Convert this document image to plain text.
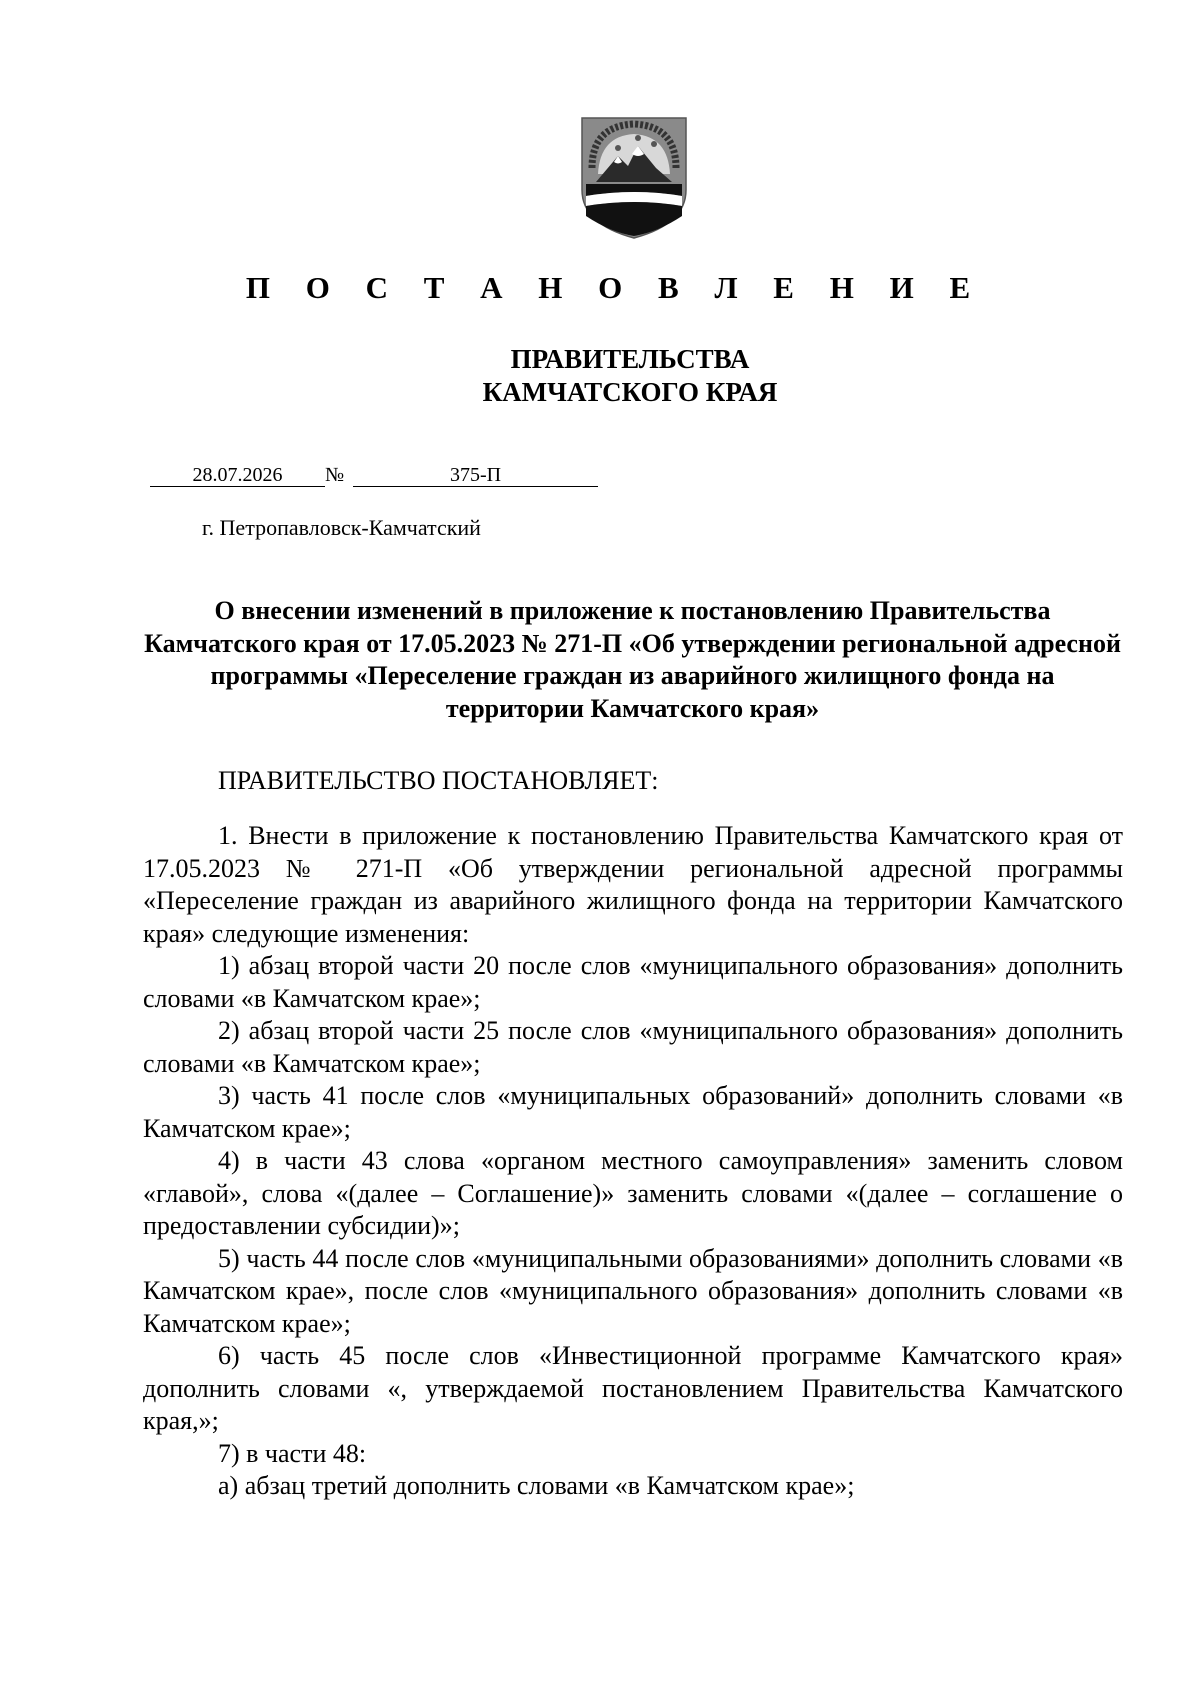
П О С Т А Н О В Л Е Н И Е
ПРАВИТЕЛЬСТВА
КАМЧАТСКОГО КРАЯ
28.07.2026 №	375-П
г. Петропавловск-Камчатский
О внесении изменений в приложение к постановлению Правительства Камчатского края от 17.05.2023 № 271-П «Об утверждении региональной адресной программы «Переселение граждан из аварийного жилищного фонда на территории Камчатского края»
ПРАВИТЕЛЬСТВО ПОСТАНОВЛЯЕТ:

1. Внести в приложение к постановлению Правительства Камчатского края от 17.05.2023 № 271-П «Об утверждении региональной адресной программы «Переселение граждан из аварийного жилищного фонда на территории Камчатского края» следующие изменения:

1) абзац второй части 20 после слов «муниципального образования» дополнить словами «в Камчатском крае»;

2) абзац второй части 25 после слов «муниципального образования» дополнить словами «в Камчатском крае»;

3) часть 41 после слов «муниципальных образований» дополнить словами «в Камчатском крае»;

4) в части 43 слова «органом местного самоуправления» заменить словом «главой», слова «(далее – Соглашение)» заменить словами «(далее – соглашение о предоставлении субсидии)»;

5) часть 44 после слов «муниципальными образованиями» дополнить словами «в Камчатском крае», после слов «муниципального образования» дополнить словами «в Камчатском крае»;

6) часть 45 после слов «Инвестиционной программе Камчатского края» дополнить словами «, утверждаемой постановлением Правительства Камчатского края,»;

7) в части 48:

а) абзац третий дополнить словами «в Камчатском крае»;
